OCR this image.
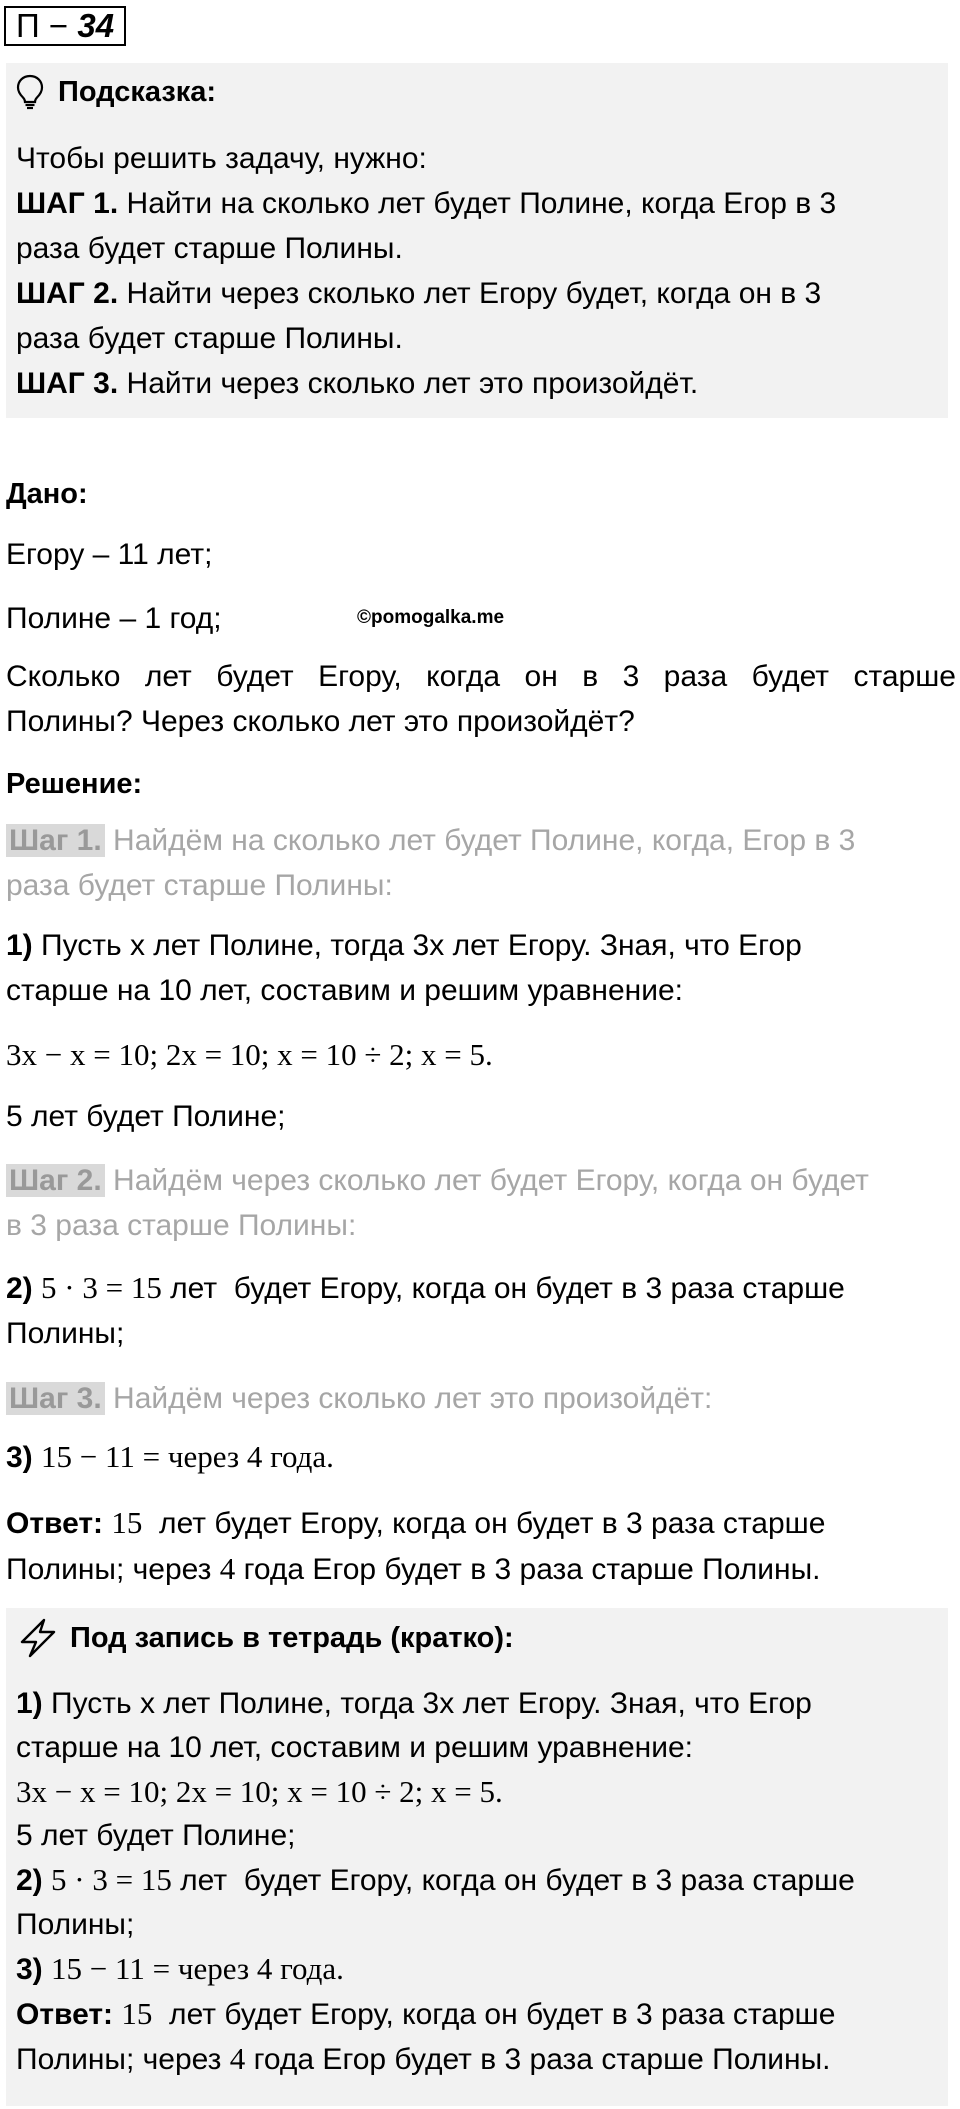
П − 34

Подсказка:

Чтобы решить задачу, нужно:
ШАГ 1. Найти на сколько лет будет Полине, когда Егор в 3
раза будет старше Полины.
ШАГ 2. Найти через сколько лет Егору будет, когда он в 3
раза будет старше Полины.
ШАГ 3. Найти через сколько лет это произойдёт.

Дано:

Егору – 11 лет;

Полине – 1 год;	©pomogalka.me
Сколько лет будет Егору, когда он в 3 раза будет старше
Полины? Через сколько лет это произойдёт?

Решение:

Шаг 1. Найдём на сколько лет будет Полине, когда, Егор в 3
раза будет старше Полины:
1) Пусть x лет Полине, тогда 3x лет Егору. Зная, что Егор
старше на 10 лет, составим и решим уравнение:

3x − x = 10; 2x = 10; x = 10 ÷ 2; x = 5.

5 лет будет Полине;

Шаг 2. Найдём через сколько лет будет Егору, когда он будет
в 3 раза старше Полины:
2) 5 · 3 = 15 лет  будет Егору, когда он будет в 3 раза старше
Полины;
Шаг 3. Найдём через сколько лет это произойдёт:
3) 15 − 11 = через 4 года.
Ответ: 15  лет будет Егору, когда он будет в 3 раза старше
Полины; через 4 года Егор будет в 3 раза старше Полины.

Под запись в тетрадь (кратко):

1) Пусть x лет Полине, тогда 3x лет Егору. Зная, что Егор
старше на 10 лет, составим и решим уравнение:
3x − x = 10; 2x = 10; x = 10 ÷ 2; x = 5.
5 лет будет Полине;
2) 5 · 3 = 15 лет  будет Егору, когда он будет в 3 раза старше
Полины;
3) 15 − 11 = через 4 года.
Ответ: 15  лет будет Егору, когда он будет в 3 раза старше
Полины; через 4 года Егор будет в 3 раза старше Полины.
